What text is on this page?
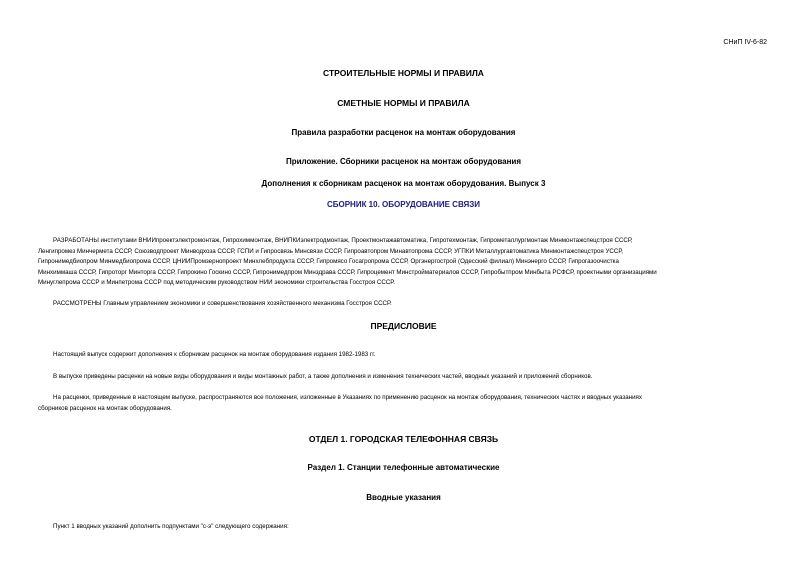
СНиП IV-6-82
СТРОИТЕЛЬНЫЕ НОРМЫ И ПРАВИЛА
СМЕТНЫЕ НОРМЫ И ПРАВИЛА
Правила разработки расценок на монтаж оборудования
Приложение. Сборники расценок на монтаж оборудования
Дополнения к сборникам расценок на монтаж оборудования. Выпуск 3
СБОРНИК 10. ОБОРУДОВАНИЕ СВЯЗИ
РАЗРАБОТАНЫ институтами ВНИИпроектэлектромонтаж, Гипрохиммонтаж, ВНИПКИэлектродмонтаж, Проектмонтажавтоматика, Гипротехмонтаж, Гипрометаллургмонтаж Минмонтажспецстроя СССР,
Ленгипромез Минчермета СССР, Союзводпроект Минводхоза СССР, ГСПИ и Гипросвязь Минсвязи СССР, Гипроавтопром Минавтопрома СССР, УГПКИ Металлургавтоматика Минмонтажспецстроя УССР,
Гипронимедбиопром Минмедбиопрома СССР, ЦНИИПромзернопроект Минхлебпродукта СССР, Гипромясо Госагропрома СССР, Оргэнергострой (Одесский филиал) Минэнерго СССР, Гипрогазоочистка
Минхиммаша СССР, Гипроторг Минторга СССР, Гипрокино Госкино СССР, Гипронимедпром Минздрава СССР, Гипроцемент Минстройматериалов СССР, Гипробытпром Минбыта РСФСР, проектными организациями
Минуглепрома СССР и Минпетрома СССР под методическим руководством НИИ экономики строительства Госстроя СССР.
РАССМОТРЕНЫ Главным управлением экономики и совершенствования хозяйственного механизма Госстроя СССР.
ПРЕДИСЛОВИЕ
Настоящий выпуск содержит дополнения к сборникам расценок на монтаж оборудования издания 1982-1983 гг.
В выпуске приведены расценки на новые виды оборудования и виды монтажных работ, а также дополнения и изменения технических частей, вводных указаний и приложений сборников.
На расценки, приведенные в настоящем выпуске, распространяются все положения, изложенные в Указаниях по применению расценок на монтаж оборудования, технических частях и вводных указаниях
сборников расценок на монтаж оборудования.
ОТДЕЛ 1. ГОРОДСКАЯ ТЕЛЕФОННАЯ СВЯЗЬ
Раздел 1. Станции телефонные автоматические
Вводные указания
Пункт 1 вводных указаний дополнить подпунктами "с-э" следующего содержания:
